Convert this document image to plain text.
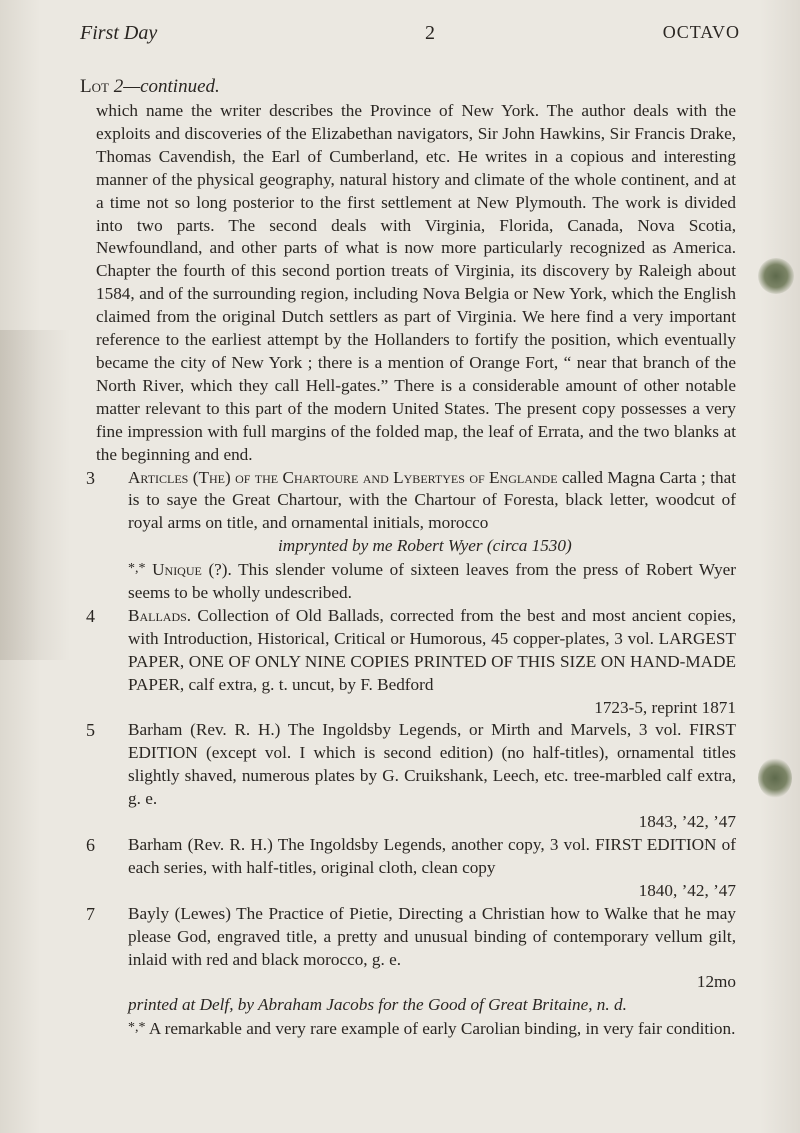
First Day	2	OCTAVO
Lot 2—continued.
which name the writer describes the Province of New York. The author deals with the exploits and discoveries of the Elizabethan navigators, Sir John Hawkins, Sir Francis Drake, Thomas Cavendish, the Earl of Cumberland, etc. He writes in a copious and interesting manner of the physical geography, natural history and climate of the whole continent, and at a time not so long posterior to the first settlement at New Plymouth. The work is divided into two parts. The second deals with Virginia, Florida, Canada, Nova Scotia, Newfoundland, and other parts of what is now more particularly recognized as America. Chapter the fourth of this second portion treats of Virginia, its discovery by Raleigh about 1584, and of the surrounding region, including Nova Belgia or New York, which the English claimed from the original Dutch settlers as part of Virginia. We here find a very important reference to the earliest attempt by the Hollanders to fortify the position, which eventually became the city of New York ; there is a mention of Orange Fort, “ near that branch of the North River, which they call Hell-gates.” There is a considerable amount of other notable matter relevant to this part of the modern United States. The present copy possesses a very fine impression with full margins of the folded map, the leaf of Errata, and the two blanks at the beginning and end.
3 Articles (The) of the Chartoure and Lybertyes of Englande called Magna Carta ; that is to saye the Great Chartour, with the Chartour of Foresta, black letter, woodcut of royal arms on title, and ornamental initials, morocco
imprynted by me Robert Wyer (circa 1530)
*,* Unique (?). This slender volume of sixteen leaves from the press of Robert Wyer seems to be wholly undescribed.
4 Ballads. Collection of Old Ballads, corrected from the best and most ancient copies, with Introduction, Historical, Critical or Humorous, 45 copper-plates, 3 vol. LARGEST PAPER, ONE OF ONLY NINE COPIES PRINTED OF THIS SIZE ON HAND-MADE PAPER, calf extra, g. t. uncut, by F. Bedford
1723-5, reprint 1871
5 Barham (Rev. R. H.) The Ingoldsby Legends, or Mirth and Marvels, 3 vol. FIRST EDITION (except vol. I which is second edition) (no half-titles), ornamental titles slightly shaved, numerous plates by G. Cruikshank, Leech, etc. tree-marbled calf extra, g. e.
1843, ’42, ’47
6 Barham (Rev. R. H.) The Ingoldsby Legends, another copy, 3 vol. FIRST EDITION of each series, with half-titles, original cloth, clean copy
1840, ’42, ’47
7 Bayly (Lewes) The Practice of Pietie, Directing a Christian how to Walke that he may please God, engraved title, a pretty and unusual binding of contemporary vellum gilt, inlaid with red and black morocco, g. e.
12mo
printed at Delf, by Abraham Jacobs for the Good of Great Britaine, n. d.
*,* A remarkable and very rare example of early Carolian binding, in very fair condition.
